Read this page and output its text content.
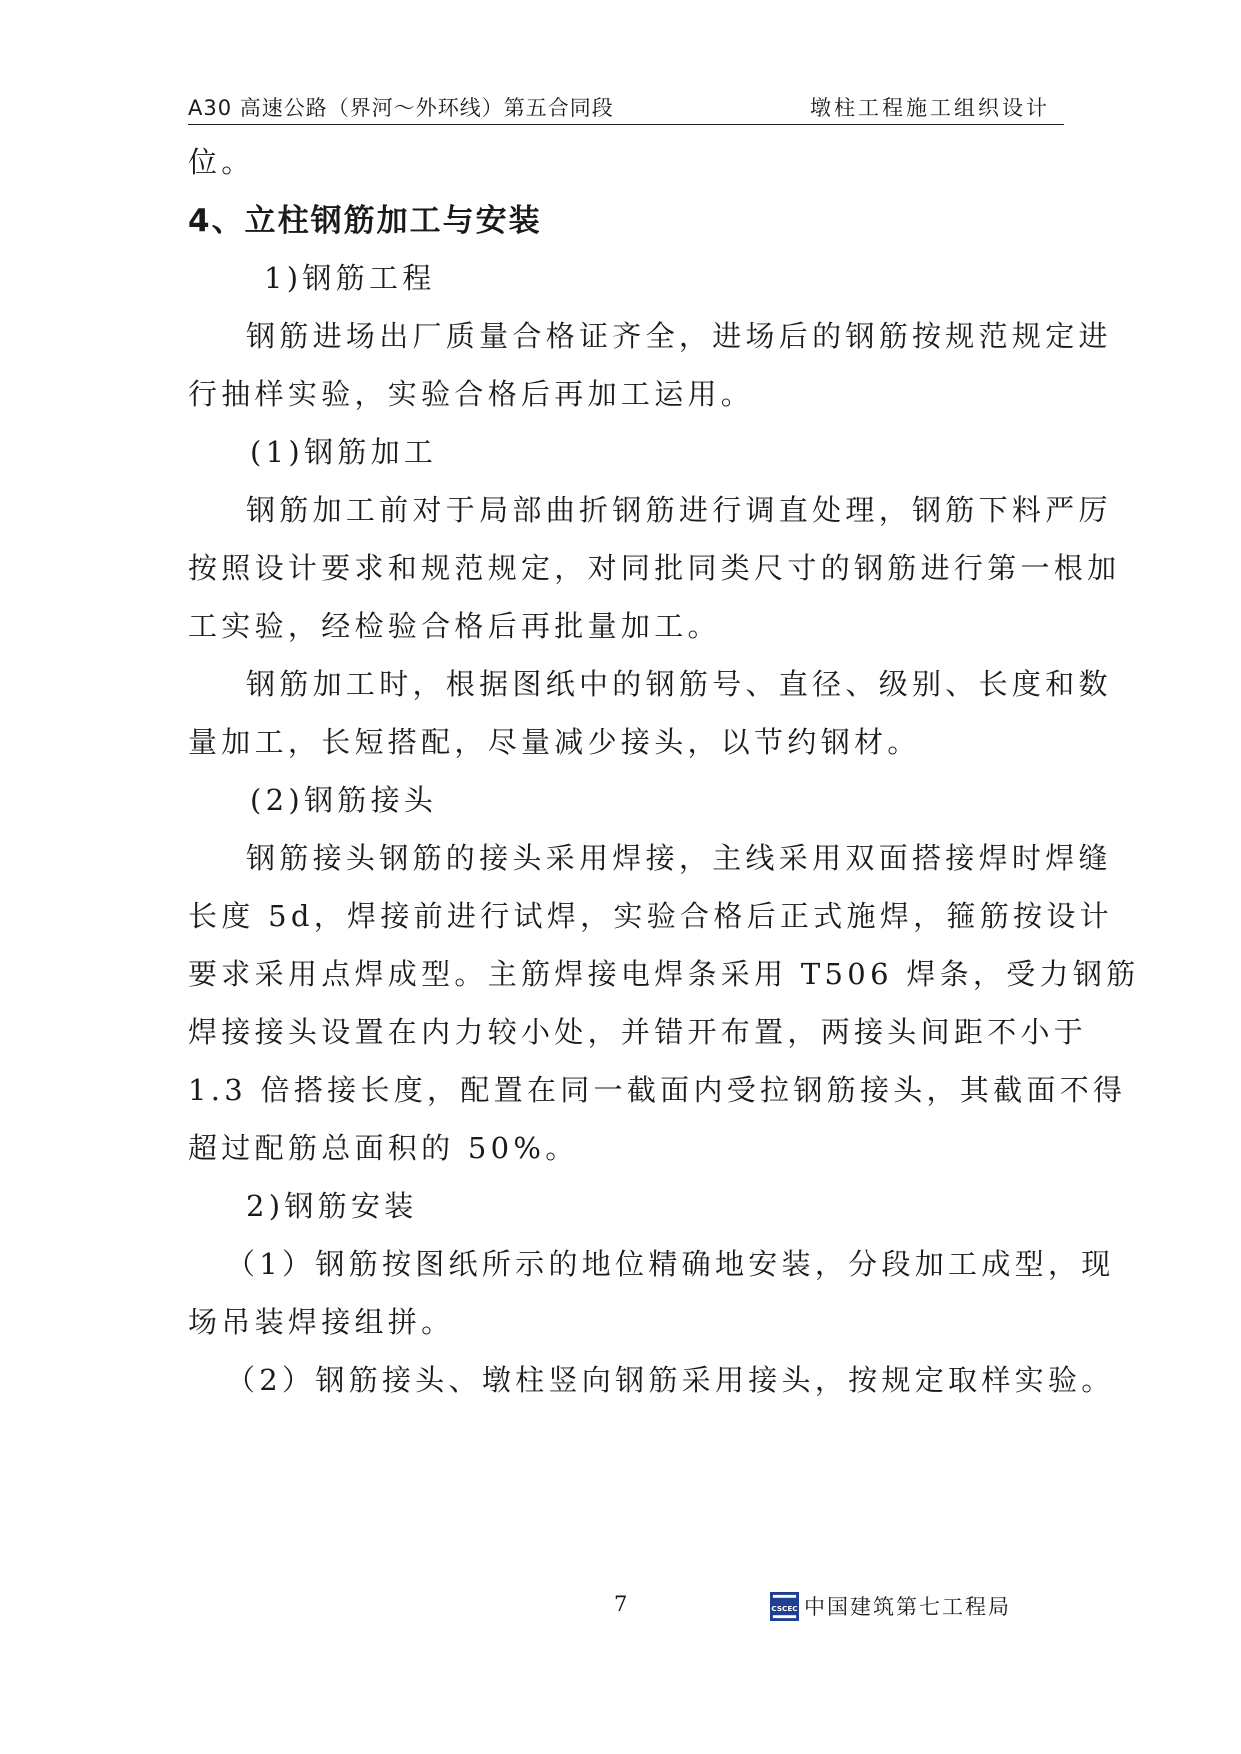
A30 高速公路（界河～外环线）第五合同段	墩柱工程施工组织设计
位。
4、立柱钢筋加工与安装
1)钢筋工程
钢筋进场出厂质量合格证齐全，进场后的钢筋按规范规定进
行抽样实验，实验合格后再加工运用。
(1)钢筋加工
钢筋加工前对于局部曲折钢筋进行调直处理，钢筋下料严厉
按照设计要求和规范规定，对同批同类尺寸的钢筋进行第一根加
工实验，经检验合格后再批量加工。
钢筋加工时，根据图纸中的钢筋号、直径、级别、长度和数
量加工，长短搭配，尽量减少接头，以节约钢材。
(2)钢筋接头
钢筋接头钢筋的接头采用焊接，主线采用双面搭接焊时焊缝
长度 5d，焊接前进行试焊，实验合格后正式施焊，箍筋按设计
要求采用点焊成型。主筋焊接电焊条采用 T506 焊条，受力钢筋
焊接接头设置在内力较小处，并错开布置，两接头间距不小于
1.3 倍搭接长度，配置在同一截面内受拉钢筋接头，其截面不得
超过配筋总面积的 50%。
2)钢筋安装
（1）钢筋按图纸所示的地位精确地安装，分段加工成型，现
场吊装焊接组拼。
（2）钢筋接头、墩柱竖向钢筋采用接头，按规定取样实验。
7	CSCEC 中国建筑第七工程局
